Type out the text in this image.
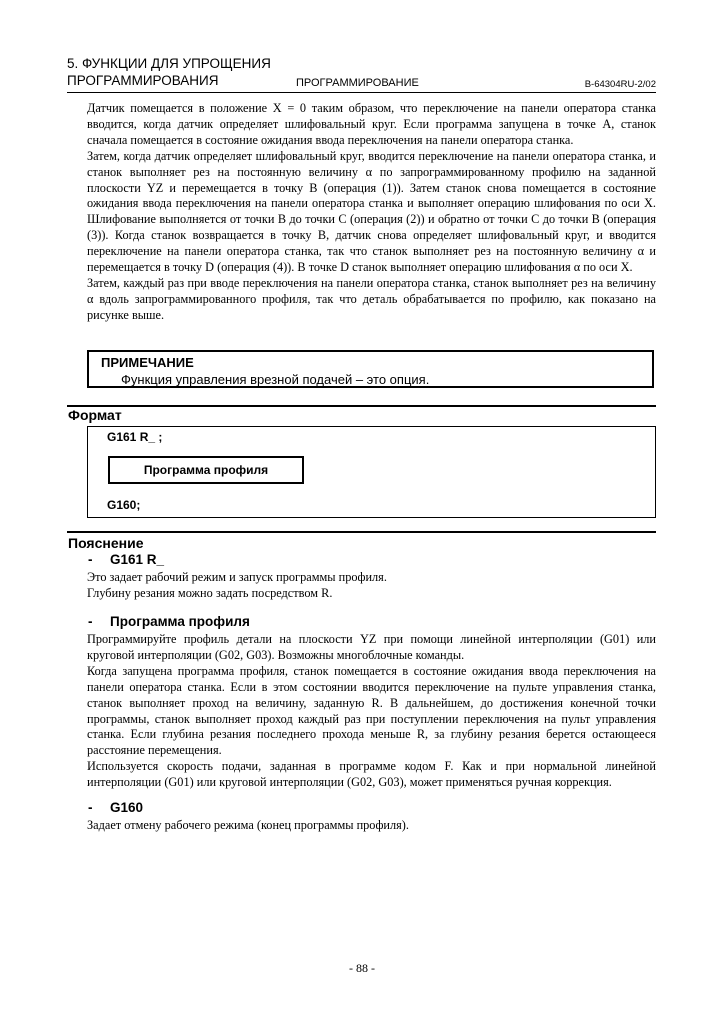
5. ФУНКЦИИ ДЛЯ УПРОЩЕНИЯ
ПРОГРАММИРОВАНИЯ	ПРОГРАММИРОВАНИЕ	B-64304RU-2/02

Датчик помещается в положение X = 0 таким образом, что переключение на панели оператора станка вводится, когда датчик определяет шлифовальный круг. Если программа запущена в точке A, станок сначала помещается в состояние ожидания ввода переключения на панели оператора станка.

Затем, когда датчик определяет шлифовальный круг, вводится переключение на панели оператора станка, и станок выполняет рез на постоянную величину α по запрограммированному профилю на заданной плоскости YZ и перемещается в точку B (операция (1)). Затем станок снова помещается в состояние ожидания ввода переключения на панели оператора станка и выполняет операцию шлифования по оси X. Шлифование выполняется от точки B до точки C (операция (2)) и обратно от точки C до точки B (операция (3)). Когда станок возвращается в точку B, датчик снова определяет шлифовальный круг, и вводится переключение на панели оператора станка, так что станок выполняет рез на постоянную величину α и перемещается в точку D (операция (4)). В точке D станок выполняет операцию шлифования α по оси X.

Затем, каждый раз при вводе переключения на панели оператора станка, станок выполняет рез на величину α вдоль запрограммированного профиля, так что деталь обрабатывается по профилю, как показано на рисунке выше.

ПРИМЕЧАНИЕ
Функция управления врезной подачей – это опция.
Формат
G161 R_ ;
Программа профиля
G160;
Пояснение
- G161 R_

Это задает рабочий режим и запуск программы профиля.

Глубину резания можно задать посредством R.

- Программа профиля

Программируйте профиль детали на плоскости YZ при помощи линейной интерполяции (G01) или круговой интерполяции (G02, G03). Возможны многоблочные команды.

Когда запущена программа профиля, станок помещается в состояние ожидания ввода переключения на панели оператора станка. Если в этом состоянии вводится переключение на пульте управления станка, станок выполняет проход на величину, заданную R. В дальнейшем, до достижения конечной точки программы, станок выполняет проход каждый раз при поступлении переключения на пульт управления станка. Если глубина резания последнего прохода меньше R, за глубину резания берется остающееся расстояние перемещения.

Используется скорость подачи, заданная в программе кодом F. Как и при нормальной линейной интерполяции (G01) или круговой интерполяции (G02, G03), может применяться ручная коррекция.

- G160

Задает отмену рабочего режима (конец программы профиля).

- 88 -
